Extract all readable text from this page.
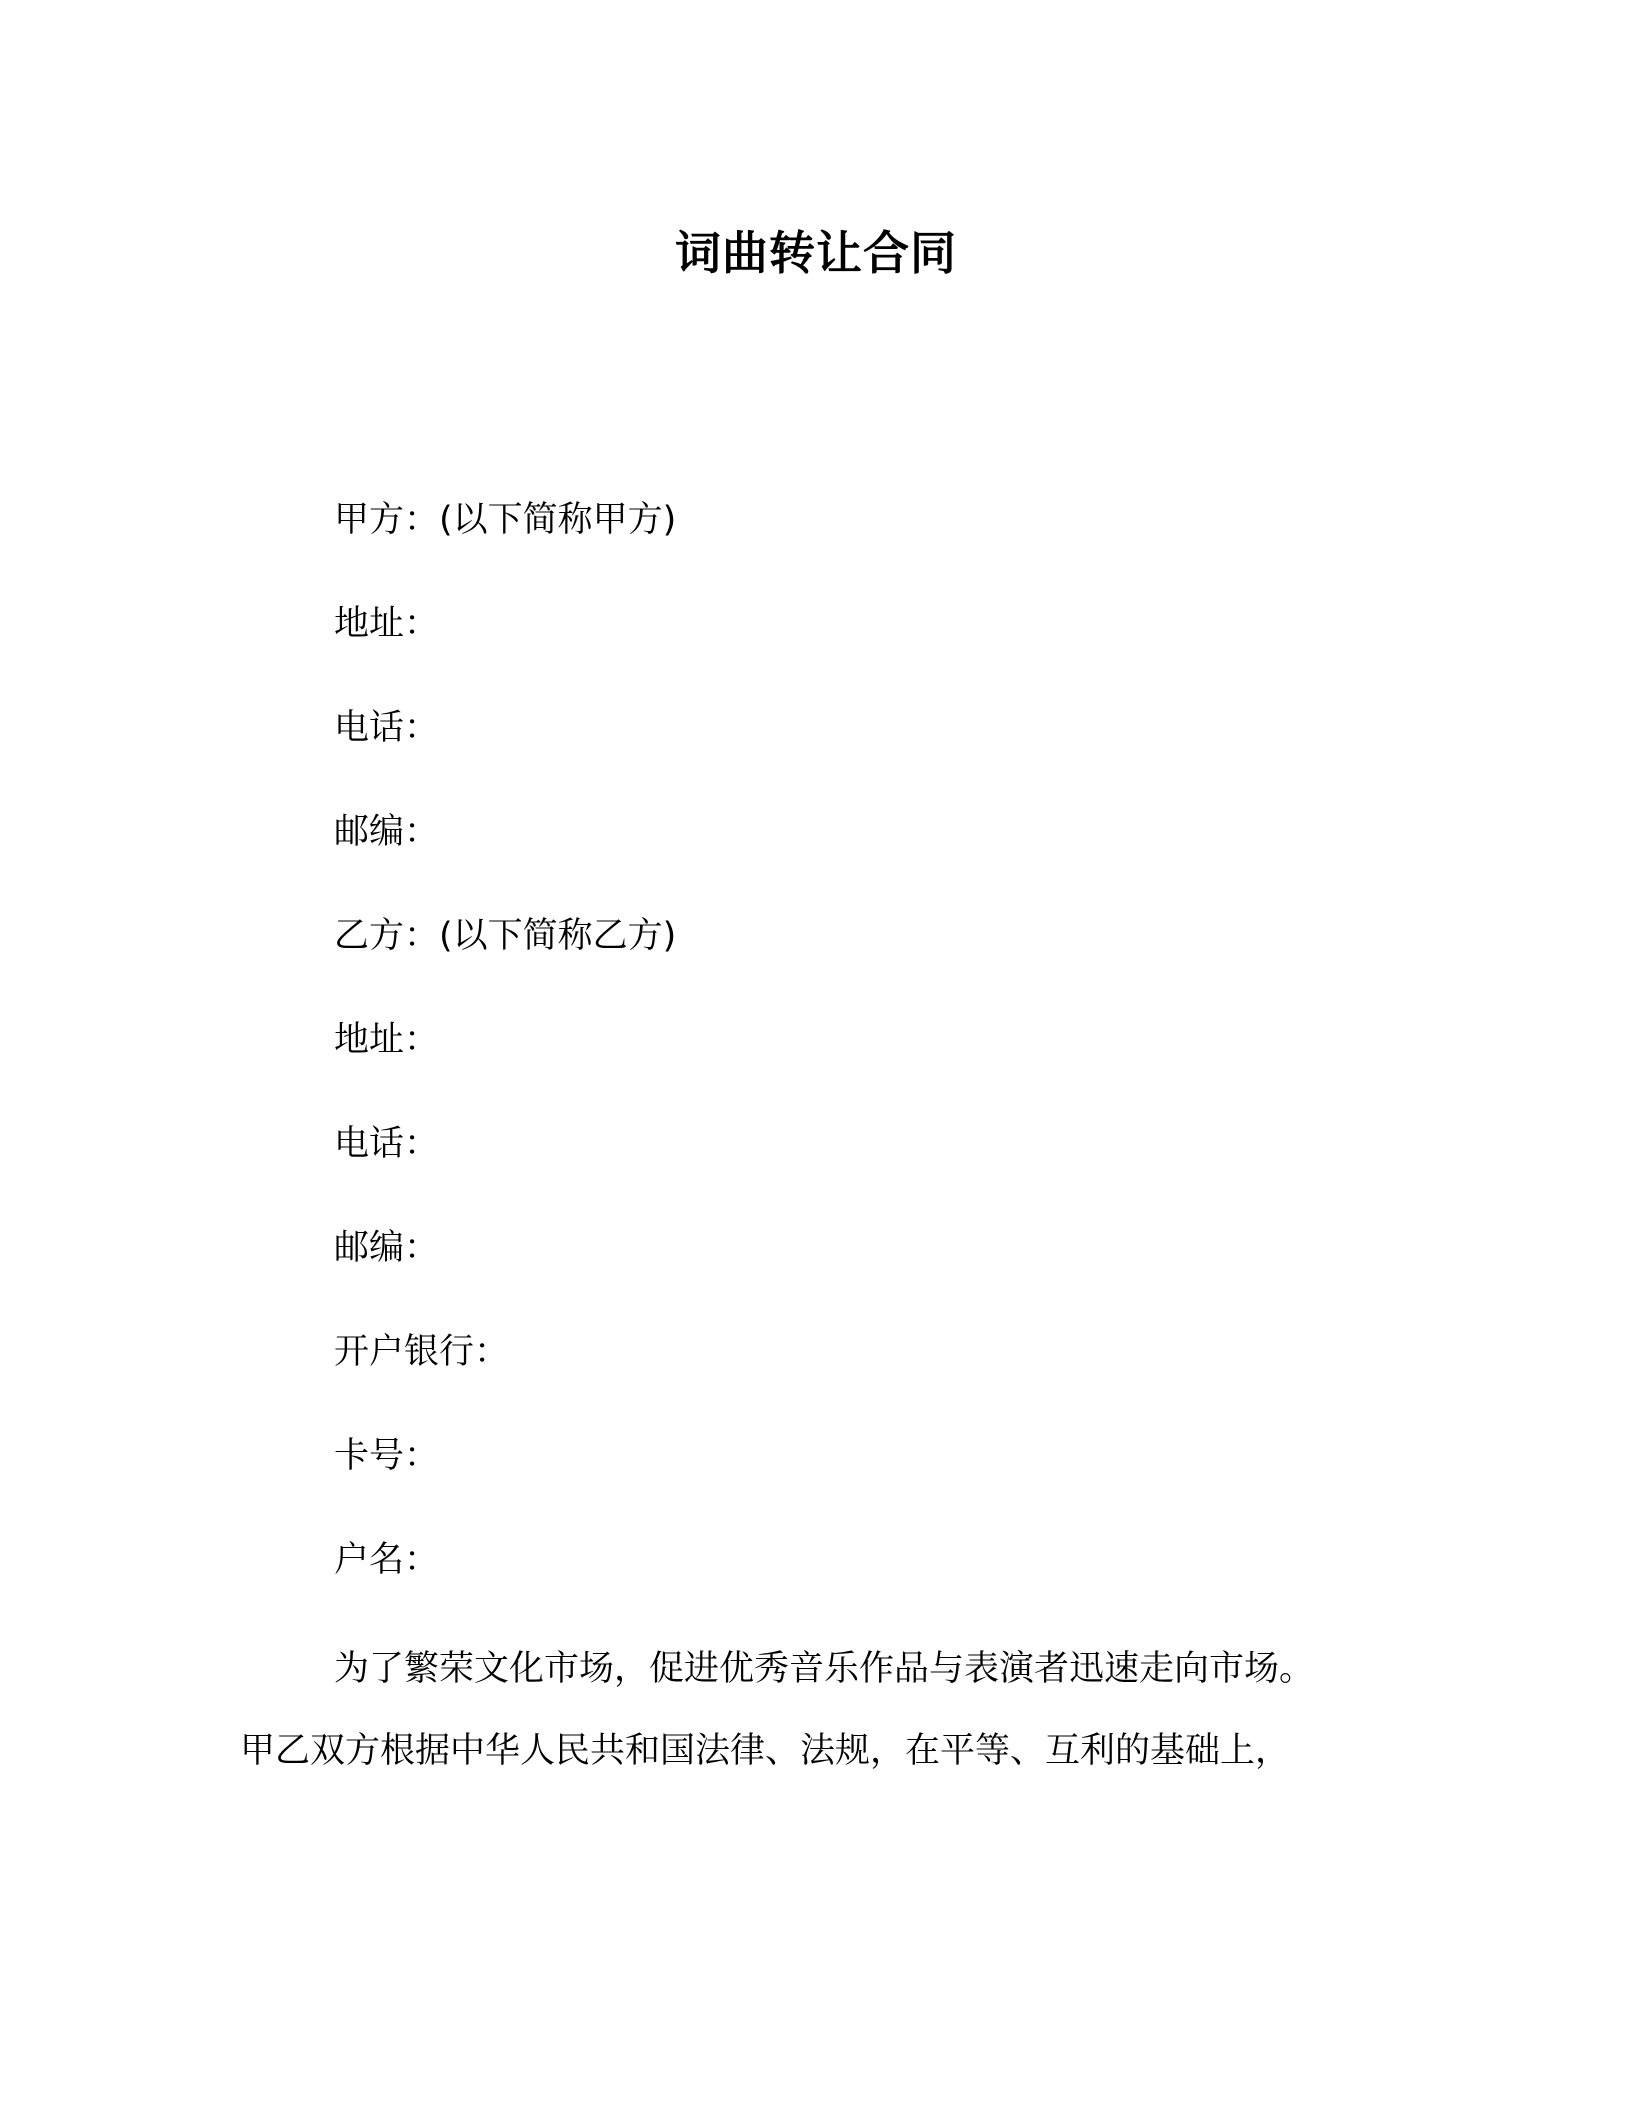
词曲转让合同
甲方：(以下简称甲方)
地址：
电话：
邮编：
乙方：(以下简称乙方)
地址：
电话：
邮编：
开户银行：
卡号：
户名：
为了繁荣文化市场，促进优秀音乐作品与表演者迅速走向市场。
甲乙双方根据中华人民共和国法律、法规，在平等、互利的基础上，
